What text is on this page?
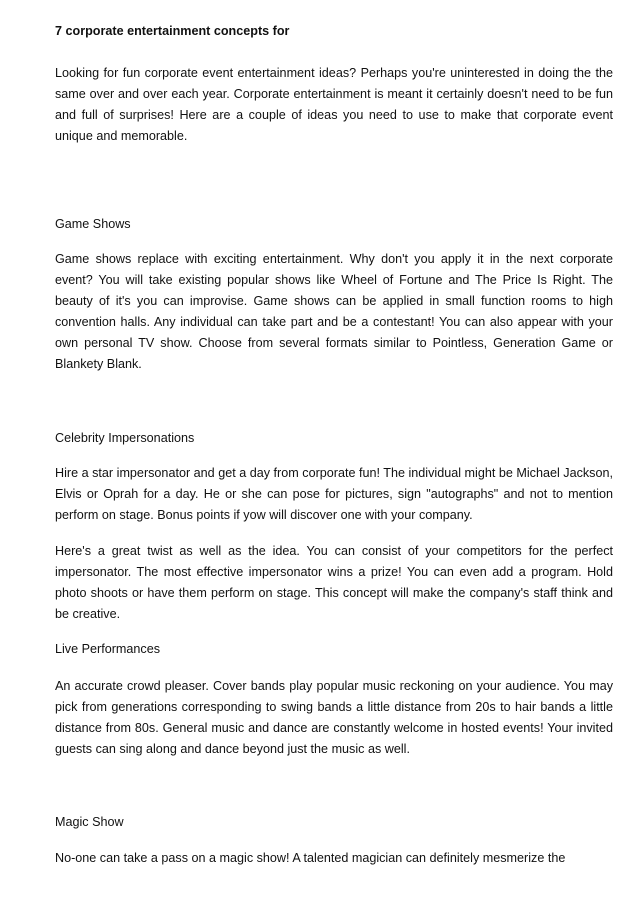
7 corporate entertainment concepts for

Looking for fun corporate event entertainment ideas? Perhaps you're uninterested in doing the the same over and over each year. Corporate entertainment is meant it certainly doesn't need to be fun and full of surprises! Here are a couple of ideas you need to use to make that corporate event unique and memorable.

Game Shows

Game shows replace with exciting entertainment. Why don't you apply it in the next corporate event? You will take existing popular shows like Wheel of Fortune and The Price Is Right. The beauty of it's you can improvise. Game shows can be applied in small function rooms to high convention halls. Any individual can take part and be a contestant! You can also appear with your own personal TV show. Choose from several formats similar to Pointless, Generation Game or Blankety Blank.

Celebrity Impersonations

Hire a star impersonator and get a day from corporate fun! The individual might be Michael Jackson, Elvis or Oprah for a day. He or she can pose for pictures, sign "autographs" and not to mention perform on stage. Bonus points if yow will discover one with your company.

Here's a great twist as well as the idea. You can consist of your competitors for the perfect impersonator. The most effective impersonator wins a prize! You can even add a program. Hold photo shoots or have them perform on stage. This concept will make the company's staff think and be creative.

Live Performances

An accurate crowd pleaser. Cover bands play popular music reckoning on your audience. You may pick from generations corresponding to swing bands a little distance from 20s to hair bands a little distance from 80s. General music and dance are constantly welcome in hosted events! Your invited guests can sing along and dance beyond just the music as well.

Magic Show

No-one can take a pass on a magic show! A talented magician can definitely mesmerize the
